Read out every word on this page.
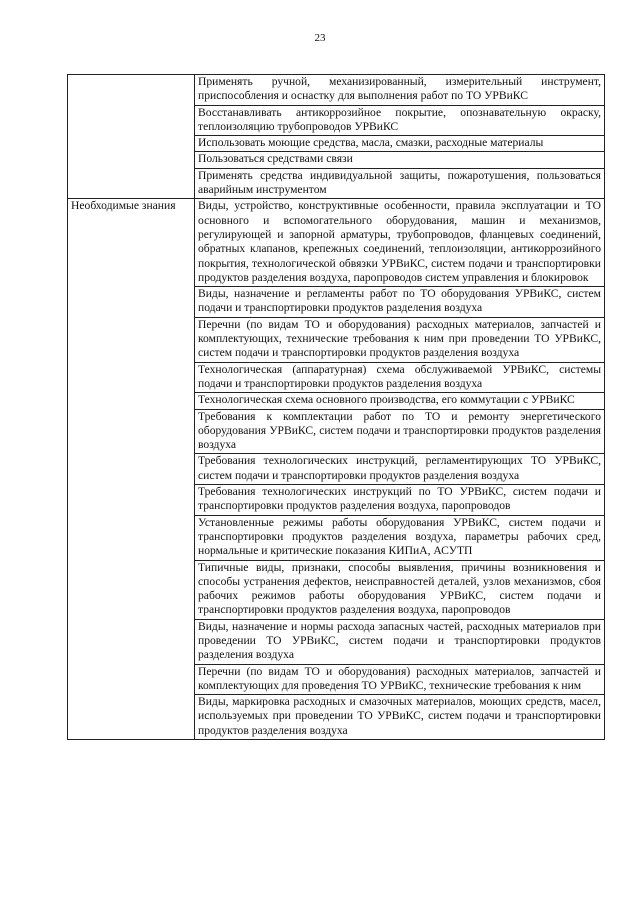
23
	Применять ручной, механизированный, измерительный инструмент, приспособления и оснастку для выполнения работ по ТО УРВиКС
	Восстанавливать антикоррозийное покрытие, опознавательную окраску, теплоизоляцию трубопроводов УРВиКС
	Использовать моющие средства, масла, смазки, расходные материалы
	Пользоваться средствами связи
	Применять средства индивидуальной защиты, пожаротушения, пользоваться аварийным инструментом
Необходимые знания	Виды, устройство, конструктивные особенности, правила эксплуатации и ТО основного и вспомогательного оборудования, машин и механизмов, регулирующей и запорной арматуры, трубопроводов, фланцевых соединений, обратных клапанов, крепежных соединений, теплоизоляции, антикоррозийного покрытия, технологической обвязки УРВиКС, систем подачи и транспортировки продуктов разделения воздуха, паропроводов систем управления и блокировок
	Виды, назначение и регламенты работ по ТО оборудования УРВиКС, систем подачи и транспортировки продуктов разделения воздуха
	Перечни (по видам ТО и оборудования) расходных материалов, запчастей и комплектующих, технические требования к ним при проведении ТО УРВиКС, систем подачи и транспортировки продуктов разделения воздуха
	Технологическая (аппаратурная) схема обслуживаемой УРВиКС, системы подачи и транспортировки продуктов разделения воздуха
	Технологическая схема основного производства, его коммутации с УРВиКС
	Требования к комплектации работ по ТО и ремонту энергетического оборудования УРВиКС, систем подачи и транспортировки продуктов разделения воздуха
	Требования технологических инструкций, регламентирующих ТО УРВиКС, систем подачи и транспортировки продуктов разделения воздуха
	Требования технологических инструкций по ТО УРВиКС, систем подачи и транспортировки продуктов разделения воздуха, паропроводов
	Установленные режимы работы оборудования УРВиКС, систем подачи и транспортировки продуктов разделения воздуха, параметры рабочих сред, нормальные и критические показания КИПиА, АСУТП
	Типичные виды, признаки, способы выявления, причины возникновения и способы устранения дефектов, неисправностей деталей, узлов механизмов, сбоя рабочих режимов работы оборудования УРВиКС, систем подачи и транспортировки продуктов разделения воздуха, паропроводов
	Виды, назначение и нормы расхода запасных частей, расходных материалов при проведении ТО УРВиКС, систем подачи и транспортировки продуктов разделения воздуха
	Перечни (по видам ТО и оборудования) расходных материалов, запчастей и комплектующих для проведения ТО УРВиКС, технические требования к ним
	Виды, маркировка расходных и смазочных материалов, моющих средств, масел, используемых при проведении ТО УРВиКС, систем подачи и транспортировки продуктов разделения воздуха
